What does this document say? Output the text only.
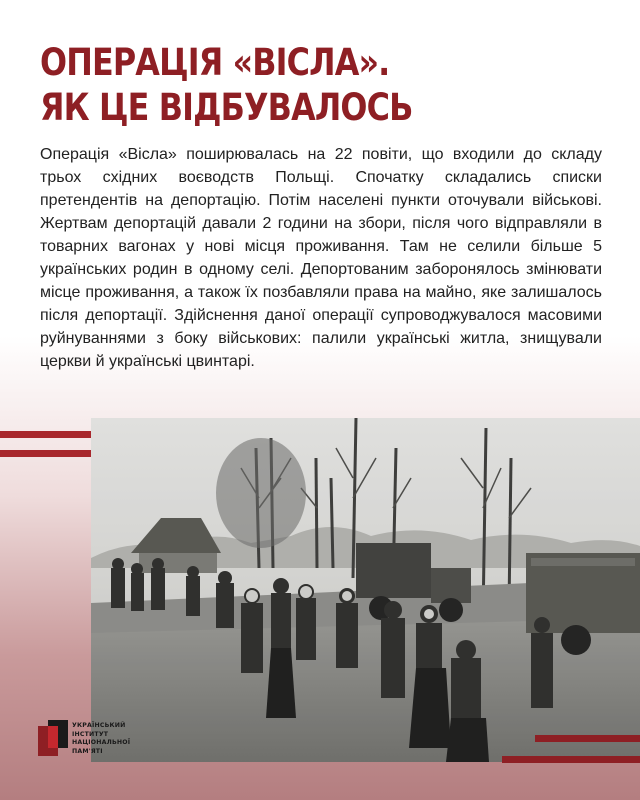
ОПЕРАЦІЯ «ВІСЛА».
ЯК ЦЕ ВІДБУВАЛОСЬ

Операція «Вісла» поширювалась на 22 повіти, що входили до складу трьох східних воєводств Польщі. Спочатку складались списки претендентів на депортацію. Потім населені пункти оточували військові. Жертвам депортацій давали 2 години на збори, після чого відправляли в товарних вагонах у нові місця проживання. Там не селили більше 5 українських родин в одному селі. Депортованим заборонялось змінювати місце проживання, а також їх позбавляли права на майно, яке залишалось після депортації. Здійснення даної операції супроводжувалося масовими руйнуваннями з боку військових: палили українські житла, знищували церкви й українські цвинтарі.

УКРАЇНСЬКИЙ
ІНСТИТУТ
НАЦІОНАЛЬНОЇ
ПАМ'ЯТІ
